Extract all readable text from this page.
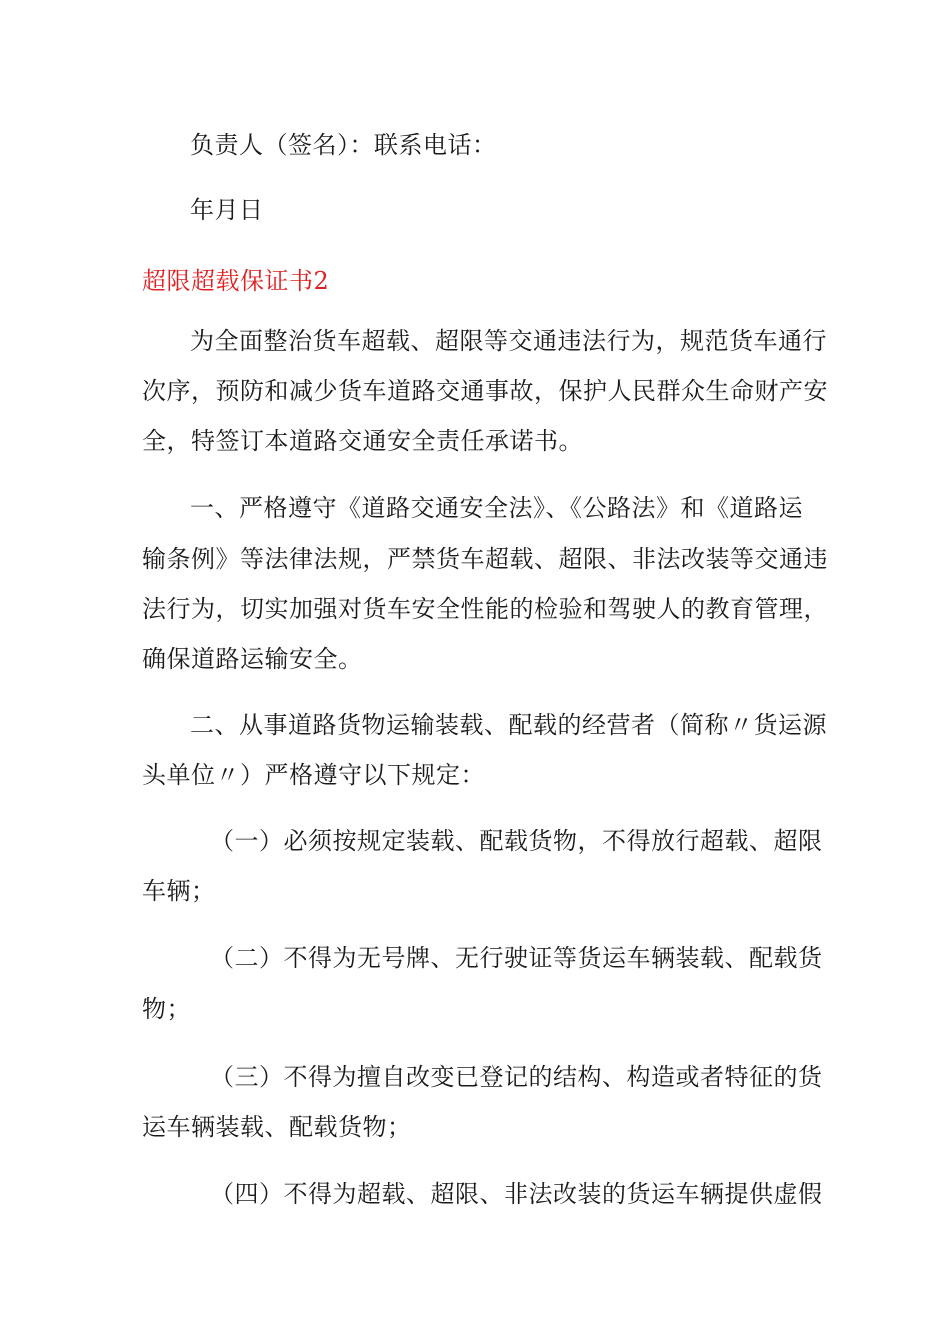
负责人（签名）：联系电话：
年月日
超限超载保证书2
为全面整治货车超载、超限等交通违法行为，规范货车通行
次序，预防和减少货车道路交通事故，保护人民群众生命财产安
全，特签订本道路交通安全责任承诺书。
一、严格遵守《道路交通安全法》、《公路法》和《道路运
输条例》等法律法规，严禁货车超载、超限、非法改装等交通违
法行为，切实加强对货车安全性能的检验和驾驶人的教育管理，
确保道路运输安全。
二、从事道路货物运输装载、配载的经营者（简称〃货运源
头单位〃）严格遵守以下规定：
（一）必须按规定装载、配载货物，不得放行超载、超限
车辆；
（二）不得为无号牌、无行驶证等货运车辆装载、配载货
物；
（三）不得为擅自改变已登记的结构、构造或者特征的货
运车辆装载、配载货物；
（四）不得为超载、超限、非法改装的货运车辆提供虚假
